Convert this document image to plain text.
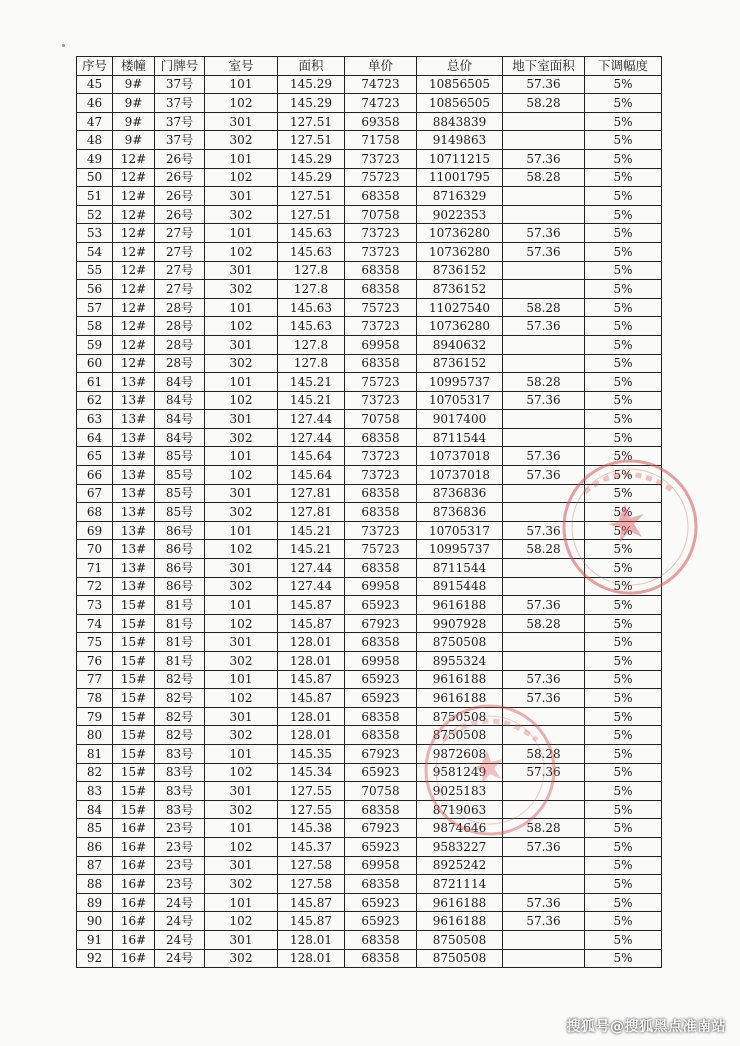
序号	楼幢	门牌号	室号	面积	单价	总价	地下室面积	下调幅度
45	9#	37号	101	145.29	74723	10856505	57.36	5%
46	9#	37号	102	145.29	74723	10856505	58.28	5%
47	9#	37号	301	127.51	69358	8843839		5%
48	9#	37号	302	127.51	71758	9149863		5%
49	12#	26号	101	145.29	73723	10711215	57.36	5%
50	12#	26号	102	145.29	75723	11001795	58.28	5%
51	12#	26号	301	127.51	68358	8716329		5%
52	12#	26号	302	127.51	70758	9022353		5%
53	12#	27号	101	145.63	73723	10736280	57.36	5%
54	12#	27号	102	145.63	73723	10736280	57.36	5%
55	12#	27号	301	127.8	68358	8736152		5%
56	12#	27号	302	127.8	68358	8736152		5%
57	12#	28号	101	145.63	75723	11027540	58.28	5%
58	12#	28号	102	145.63	73723	10736280	57.36	5%
59	12#	28号	301	127.8	69958	8940632		5%
60	12#	28号	302	127.8	68358	8736152		5%
61	13#	84号	101	145.21	75723	10995737	58.28	5%
62	13#	84号	102	145.21	73723	10705317	57.36	5%
63	13#	84号	301	127.44	70758	9017400		5%
64	13#	84号	302	127.44	68358	8711544		5%
65	13#	85号	101	145.64	73723	10737018	57.36	5%
66	13#	85号	102	145.64	73723	10737018	57.36	5%
67	13#	85号	301	127.81	68358	8736836		5%
68	13#	85号	302	127.81	68358	8736836		5%
69	13#	86号	101	145.21	73723	10705317	57.36	5%
70	13#	86号	102	145.21	75723	10995737	58.28	5%
71	13#	86号	301	127.44	68358	8711544		5%
72	13#	86号	302	127.44	69958	8915448		5%
73	15#	81号	101	145.87	65923	9616188	57.36	5%
74	15#	81号	102	145.87	67923	9907928	58.28	5%
75	15#	81号	301	128.01	68358	8750508		5%
76	15#	81号	302	128.01	69958	8955324		5%
77	15#	82号	101	145.87	65923	9616188	57.36	5%
78	15#	82号	102	145.87	65923	9616188	57.36	5%
79	15#	82号	301	128.01	68358	8750508		5%
80	15#	82号	302	128.01	68358	8750508		5%
81	15#	83号	101	145.35	67923	9872608	58.28	5%
82	15#	83号	102	145.34	65923	9581249	57.36	5%
83	15#	83号	301	127.55	70758	9025183		5%
84	15#	83号	302	127.55	68358	8719063		5%
85	16#	23号	101	145.38	67923	9874646	58.28	5%
86	16#	23号	102	145.37	65923	9583227	57.36	5%
87	16#	23号	301	127.58	69958	8925242		5%
88	16#	23号	302	127.58	68358	8721114		5%
89	16#	24号	101	145.87	65923	9616188	57.36	5%
90	16#	24号	102	145.87	65923	9616188	57.36	5%
91	16#	24号	301	128.01	68358	8750508		5%
92	16#	24号	302	128.01	68358	8750508		5%
搜狐号@搜狐黑点准南站
